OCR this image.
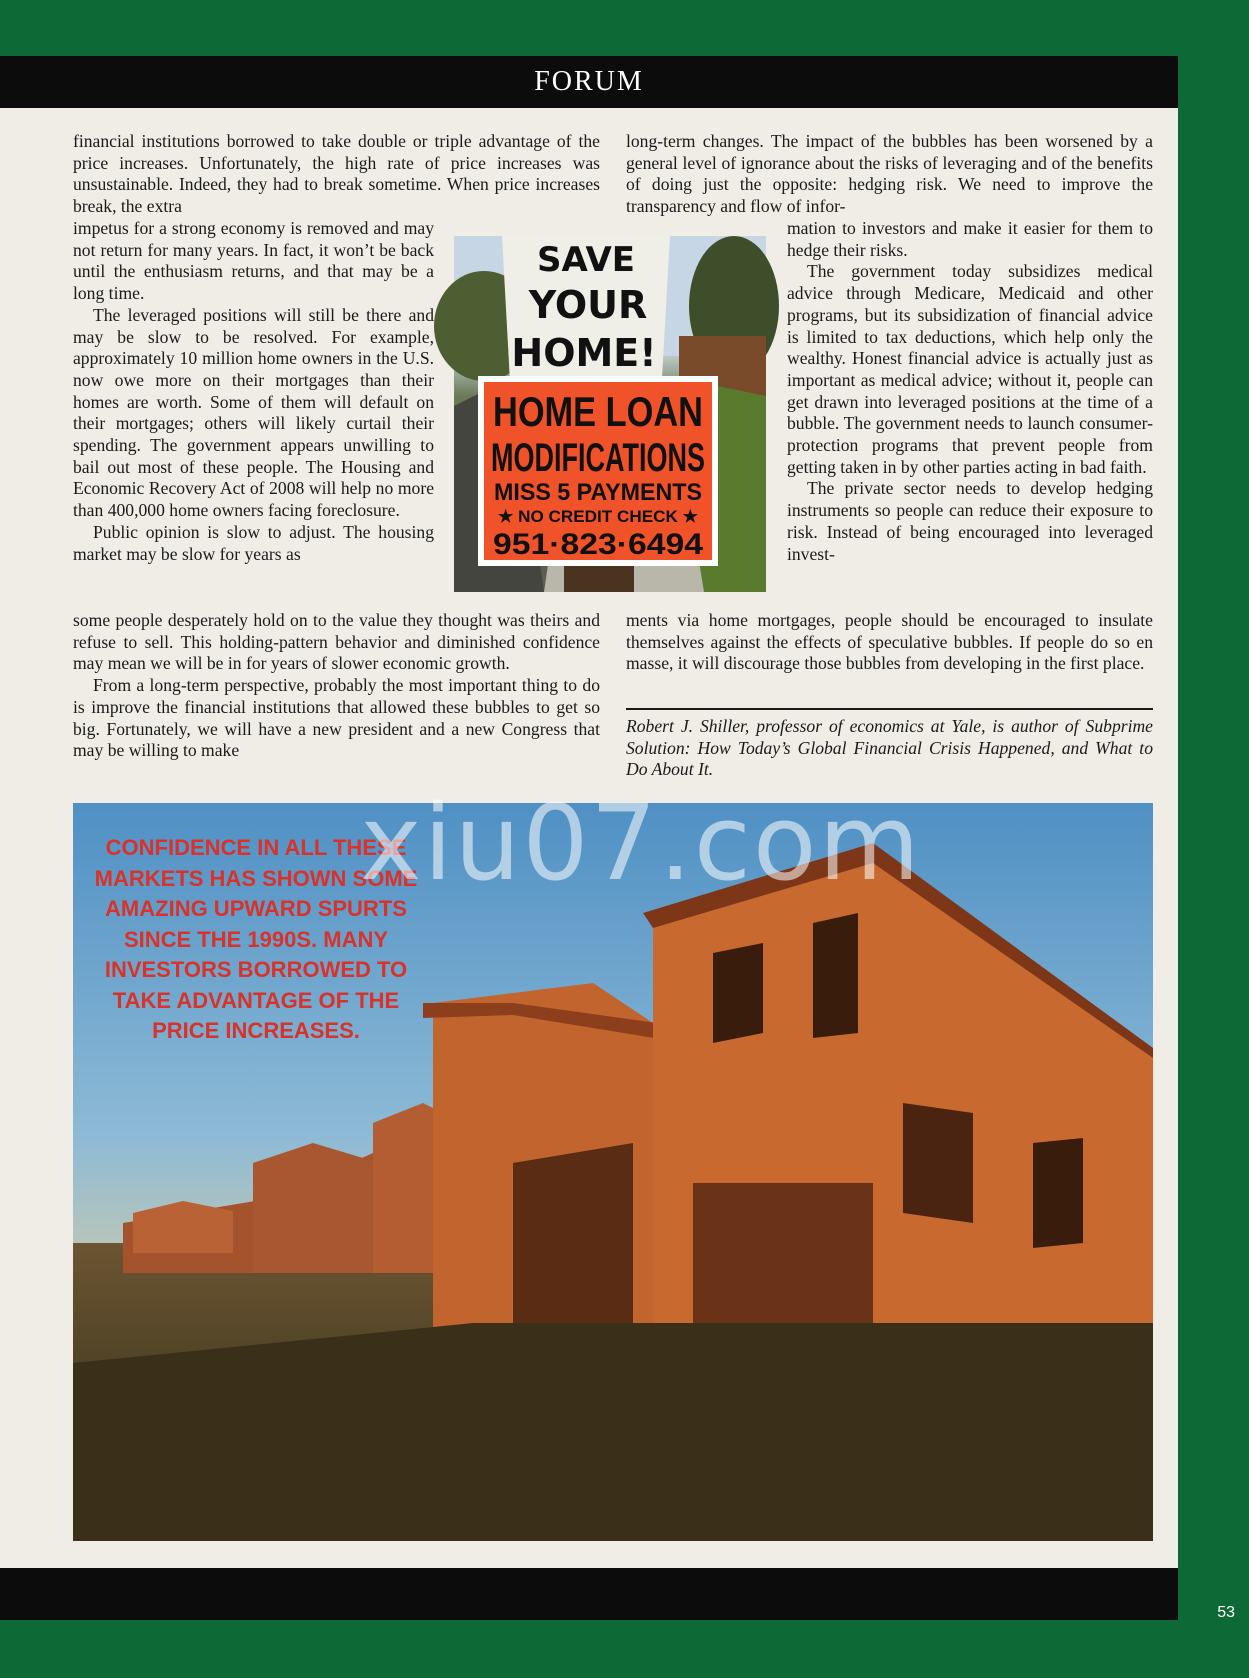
FORUM

financial institutions borrowed to take double or triple advantage of the price increases. Unfortunately, the high rate of price increases was unsustainable. Indeed, they had to break sometime. When price increases break, the extra

impetus for a strong economy is removed and may not return for many years. In fact, it won’t be back until the enthusiasm returns, and that may be a long time.

The leveraged positions will still be there and may be slow to be resolved. For example, approximately 10 million home owners in the U.S. now owe more on their mortgages than their homes are worth. Some of them will default on their mortgages; others will likely curtail their spending. The government appears unwilling to bail out most of these people. The Housing and Economic Recovery Act of 2008 will help no more than 400,000 home owners facing foreclosure.

Public opinion is slow to adjust. The housing market may be slow for years as

some people desperately hold on to the value they thought was theirs and refuse to sell. This holding-pattern behavior and diminished confidence may mean we will be in for years of slower economic growth.

From a long-term perspective, probably the most important thing to do is improve the financial institutions that allowed these bubbles to get so big. Fortunately, we will have a new president and a new Congress that may be willing to make

long-term changes. The impact of the bubbles has been worsened by a general level of ignorance about the risks of leveraging and of the benefits of doing just the opposite: hedging risk. We need to improve the transparency and flow of infor-

mation to investors and make it easier for them to hedge their risks.

The government today subsidizes medical advice through Medicare, Medicaid and other programs, but its subsidization of financial advice is limited to tax deductions, which help only the wealthy. Honest financial advice is actually just as important as medical advice; without it, people can get drawn into leveraged positions at the time of a bubble. The government needs to launch consumer-protection programs that prevent people from getting taken in by other parties acting in bad faith.

The private sector needs to develop hedging instruments so people can reduce their exposure to risk. Instead of being encouraged into leveraged invest-

ments via home mortgages, people should be encouraged to insulate themselves against the effects of speculative bubbles. If people do so en masse, it will discourage those bubbles from developing in the first place.

Robert J. Shiller, professor of economics at Yale, is author of Subprime Solution: How Today’s Global Financial Crisis Happened, and What to Do About It.
SAVE
YOUR
HOME!
HOME LOAN
MODIFICATIONS
MISS 5 PAYMENTS
★ NO CREDIT CHECK ★
951·823·6494
CONFIDENCE IN ALL THESE MARKETS HAS SHOWN SOME AMAZING UPWARD SPURTS SINCE THE 1990S. MANY INVESTORS BORROWED TO TAKE ADVANTAGE OF THE PRICE INCREASES.
xiu07.com
53
